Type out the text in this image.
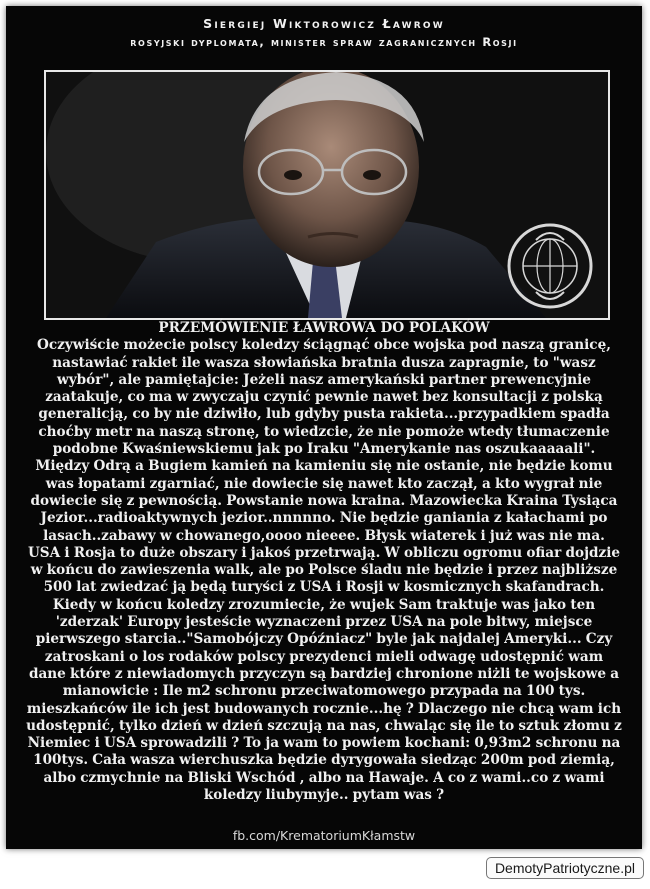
Siergiej Wiktorowicz Ławrow
rosyjski dyplomata, minister spraw zagranicznych Rosji
PRZEMÓWIENIE ŁAWROWA DO POLAKÓW

Oczywiście możecie polscy koledzy ściągnąć obce wojska pod naszą granicę, nastawiać rakiet ile wasza słowiańska bratnia dusza zapragnie, to "wasz wybór", ale pamiętajcie: Jeżeli nasz amerykański partner prewencyjnie zaatakuje, co ma w zwyczaju czynić pewnie nawet bez konsultacji z polską generalicją, co by nie dziwiło, lub gdyby pusta rakieta...przypadkiem spadła choćby metr na naszą stronę, to wiedzcie, że nie pomoże wtedy tłumaczenie podobne Kwaśniewskiemu jak po Iraku "Amerykanie nas oszukaaaaali". Między Odrą a Bugiem kamień na kamieniu się nie ostanie, nie będzie komu was łopatami zgarniać, nie dowiecie się nawet kto zaczął, a kto wygrał nie dowiecie się z pewnością. Powstanie nowa kraina. Mazowiecka Kraina Tysiąca Jezior...radioaktywnych jezior..nnnnno. Nie będzie ganiania z kałachami po lasach..zabawy w chowanego,oooo nieeee. Błysk wiaterek i już was nie ma. USA i Rosja to duże obszary i jakoś przetrwają. W obliczu ogromu ofiar dojdzie w końcu do zawieszenia walk, ale po Polsce śladu nie będzie i przez najbliższe 500 lat zwiedzać ją będą turyści z USA i Rosji w kosmicznych skafandrach. Kiedy w końcu koledzy zrozumiecie, że wujek Sam traktuje was jako ten 'zderzak' Europy jesteście wyznaczeni przez USA na pole bitwy, miejsce pierwszego starcia.."Samobójczy Opóźniacz" byle jak najdalej Ameryki... Czy zatroskani o los rodaków polscy prezydenci mieli odwagę udostępnić wam dane które z niewiadomych przyczyn są bardziej chronione niżli te wojskowe a mianowicie : Ile m2 schronu przeciwatomowego przypada na 100 tys. mieszkańców ile ich jest budowanych rocznie...hę ? Dlaczego nie chcą wam ich udostępnić, tylko dzień w dzień szczują na nas, chwaląc się ile to sztuk złomu z Niemiec i USA sprowadzili ? To ja wam to powiem kochani: 0,93m2 schronu na 100tys. Cała wasza wierchuszka będzie dyrygowała siedząc 200m pod ziemią, albo czmychnie na Bliski Wschód , albo na Hawaje. A co z wami..co z wami koledzy liubymyje.. pytam was ?

fb.com/KrematoriumKłamstw
DemotyPatriotyczne.pl
